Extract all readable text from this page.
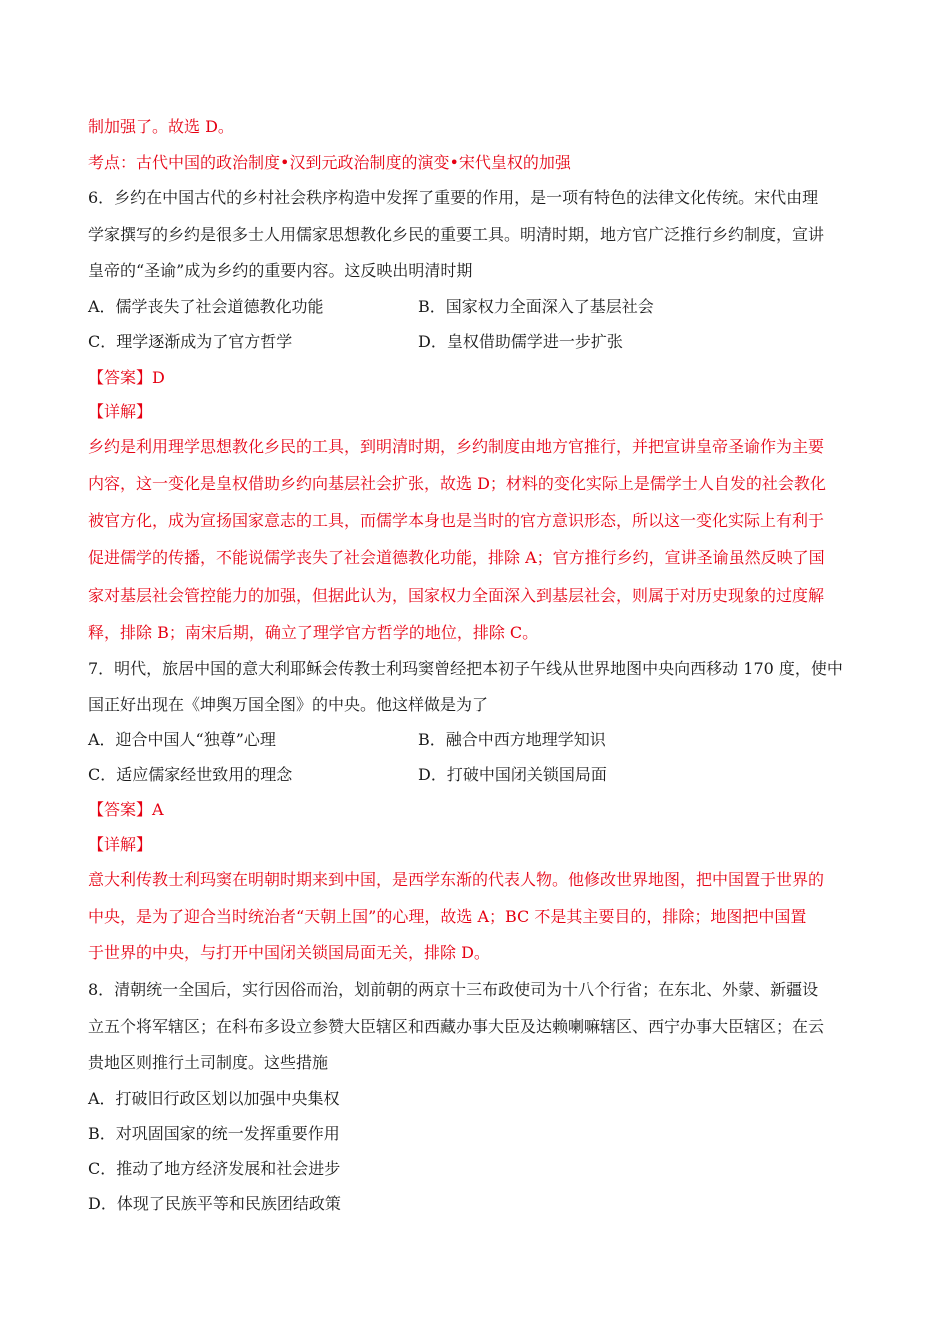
制加强了。故选 D。
考点：古代中国的政治制度•汉到元政治制度的演变•宋代皇权的加强
6．乡约在中国古代的乡村社会秩序构造中发挥了重要的作用，是一项有特色的法律文化传统。宋代由理
学家撰写的乡约是很多士人用儒家思想教化乡民的重要工具。明清时期，地方官广泛推行乡约制度，宣讲
皇帝的“圣谕”成为乡约的重要内容。这反映出明清时期
A．儒学丧失了社会道德教化功能	B．国家权力全面深入了基层社会
C．理学逐渐成为了官方哲学	D．皇权借助儒学进一步扩张
【答案】D
【详解】
乡约是利用理学思想教化乡民的工具，到明清时期，乡约制度由地方官推行，并把宣讲皇帝圣谕作为主要
内容，这一变化是皇权借助乡约向基层社会扩张，故选 D；材料的变化实际上是儒学士人自发的社会教化
被官方化，成为宣扬国家意志的工具，而儒学本身也是当时的官方意识形态，所以这一变化实际上有利于
促进儒学的传播，不能说儒学丧失了社会道德教化功能，排除 A；官方推行乡约，宣讲圣谕虽然反映了国
家对基层社会管控能力的加强，但据此认为，国家权力全面深入到基层社会，则属于对历史现象的过度解
释，排除 B；南宋后期，确立了理学官方哲学的地位，排除 C。
7．明代，旅居中国的意大利耶稣会传教士利玛窦曾经把本初子午线从世界地图中央向西移动 170 度，使中
国正好出现在《坤舆万国全图》的中央。他这样做是为了
A．迎合中国人“独尊”心理	B．融合中西方地理学知识
C．适应儒家经世致用的理念	D．打破中国闭关锁国局面
【答案】A
【详解】
意大利传教士利玛窦在明朝时期来到中国，是西学东渐的代表人物。他修改世界地图，把中国置于世界的
中央，是为了迎合当时统治者“天朝上国”的心理，故选 A；BC 不是其主要目的，排除；地图把中国置
于世界的中央，与打开中国闭关锁国局面无关，排除 D。
8．清朝统一全国后，实行因俗而治，划前朝的两京十三布政使司为十八个行省；在东北、外蒙、新疆设
立五个将军辖区；在科布多设立参赞大臣辖区和西藏办事大臣及达赖喇嘛辖区、西宁办事大臣辖区；在云
贵地区则推行土司制度。这些措施
A．打破旧行政区划以加强中央集权
B．对巩固国家的统一发挥重要作用
C．推动了地方经济发展和社会进步
D．体现了民族平等和民族团结政策
